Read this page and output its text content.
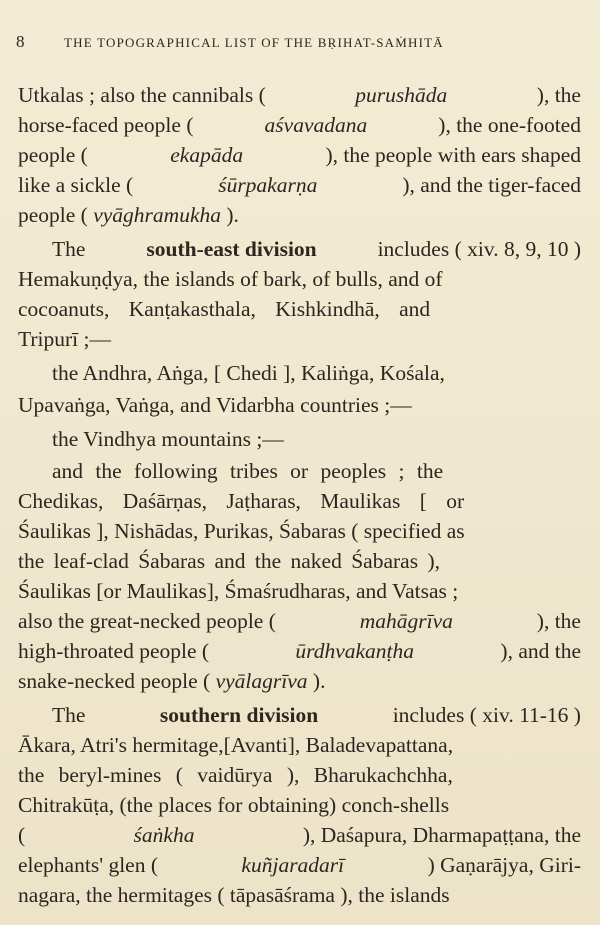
8	THE TOPOGRAPHICAL LIST OF THE BṚIHAT-SAṀHITĀ
Utkalas ; also the cannibals (	purushāda	), the
horse-faced people (	aśvavadana	), the one-footed
people (	ekapāda	), the people with ears shaped
like a sickle (	śūrpakarṇa	), and the tiger-faced
people ( vyāghramukha ).
The	south-east division	includes ( xiv. 8, 9, 10 )
Hemakuṇḍya, the islands of bark, of bulls, and of
cocoanuts, Kanṭakasthala, Kishkindhā, and
Tripurī ;—
the Andhra, Aṅga, [ Chedi ], Kaliṅga, Kośala,
Upavaṅga, Vaṅga, and Vidarbha countries ;—
the Vindhya mountains ;—
and the following tribes or peoples ; the
Chedikas, Daśārṇas, Jaṭharas, Maulikas [ or
Śaulikas ], Nishādas, Purikas, Śabaras ( specified as
the leaf-clad Śabaras and the naked Śabaras ),
Śaulikas [or Maulikas], Śmaśrudharas, and Vatsas ;
also the great-necked people (	mahāgrīva	), the
high-throated people (	ūrdhvakanṭha	), and the
snake-necked people ( vyālagrīva ).
The	southern division	includes ( xiv. 11-16 )
Ākara, Atri's hermitage,[Avanti], Baladevapattana,
the beryl-mines ( vaidūrya ), Bharukachchha,
Chitrakūṭa, (the places for obtaining) conch-shells
(	śaṅkha	), Daśapura, Dharmapaṭṭana, the
elephants' glen (	kuñjaradarī	) Gaṇarājya, Giri-
nagara, the hermitages ( tāpasāśrama ), the islands
